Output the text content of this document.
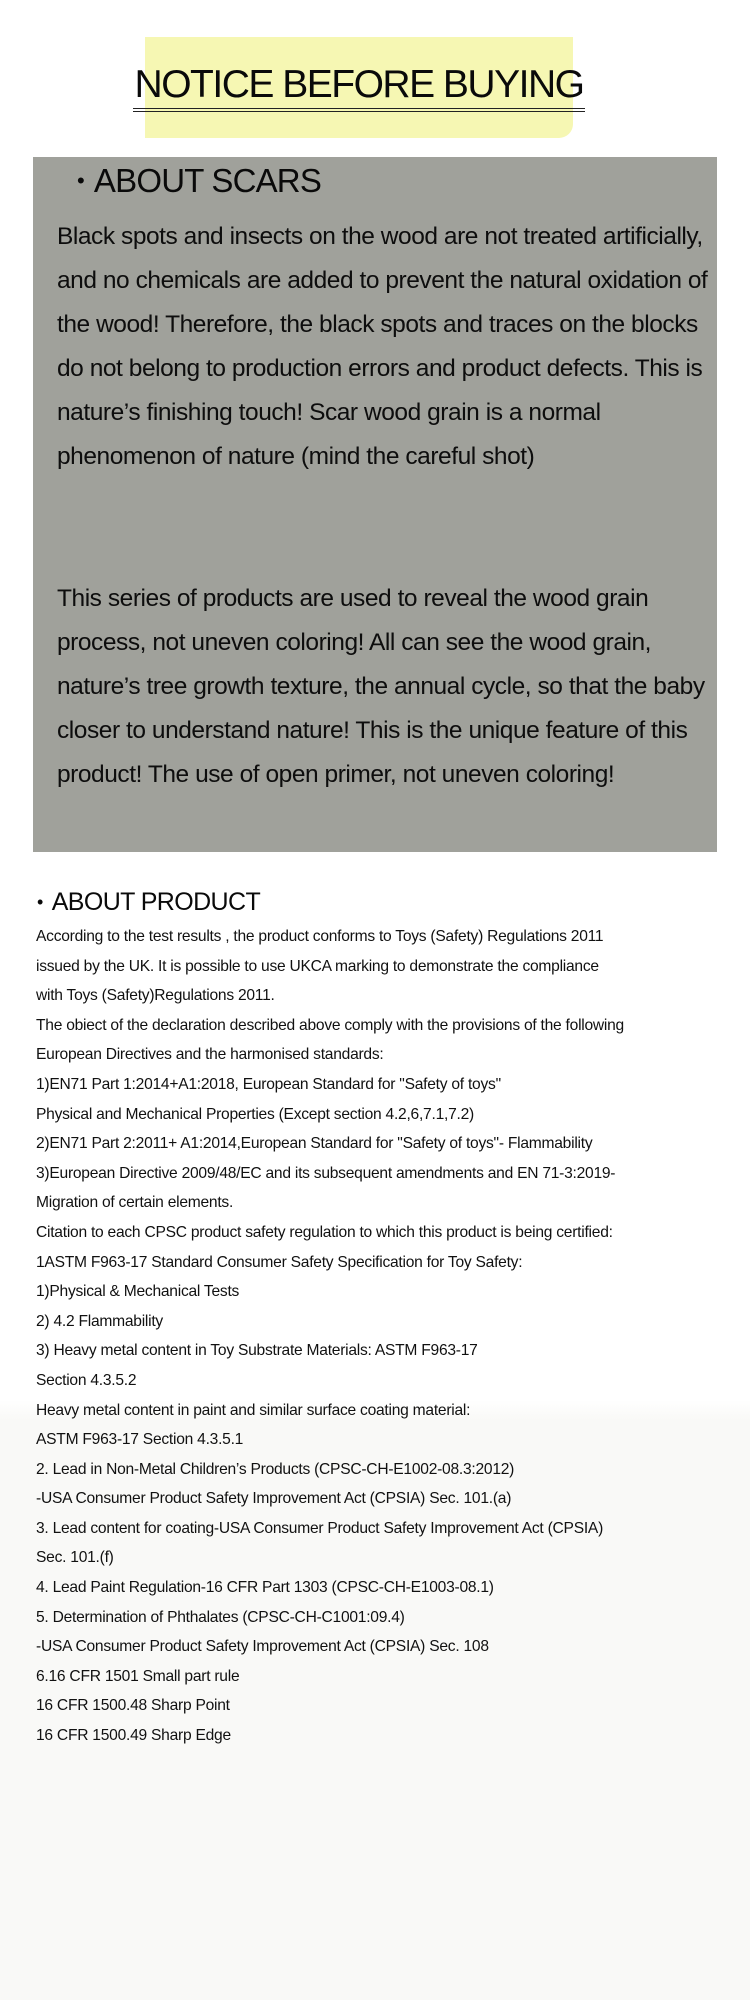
NOTICE BEFORE BUYING
• ABOUT SCARS

Black spots and insects on the wood are not treated artificially, and no chemicals are added to prevent the natural oxidation of the wood! Therefore, the black spots and traces on the blocks do not belong to production errors and product defects. This is nature’s finishing touch! Scar wood grain is a normal phenomenon of nature (mind the careful shot)

This series of products are used to reveal the wood grain process, not uneven coloring! All can see the wood grain, nature’s tree growth texture, the annual cycle, so that the baby closer to understand nature! This is the unique feature of this product! The use of open primer, not uneven coloring!

• ABOUT PRODUCT
According to the test results , the product conforms to Toys (Safety) Regulations 2011
issued by the UK. It is possible to use UKCA marking to demonstrate the compliance
with Toys (Safety)Regulations 2011.
The obiect of the declaration described above comply with the provisions of the following
European Directives and the harmonised standards:
1)EN71 Part 1:2014+A1:2018, European Standard for "Safety of toys"
Physical and Mechanical Properties (Except section 4.2,6,7.1,7.2)
2)EN71 Part 2:2011+ A1:2014,European Standard for "Safety of toys"- Flammability
3)European Directive 2009/48/EC and its subsequent amendments and EN 71-3:2019-
Migration of certain elements.
Citation to each CPSC product safety regulation to which this product is being certified:
1ASTM F963-17 Standard Consumer Safety Specification for Toy Safety:
1)Physical & Mechanical Tests
2) 4.2 Flammability
3) Heavy metal content in Toy Substrate Materials: ASTM F963-17
Section 4.3.5.2
Heavy metal content in paint and similar surface coating material:
ASTM F963-17 Section 4.3.5.1
2. Lead in Non-Metal Children’s Products (CPSC-CH-E1002-08.3:2012)
-USA Consumer Product Safety Improvement Act (CPSIA) Sec. 101.(a)
3. Lead content for coating-USA Consumer Product Safety Improvement Act (CPSIA)
Sec. 101.(f)
4. Lead Paint Regulation-16 CFR Part 1303 (CPSC-CH-E1003-08.1)
5. Determination of Phthalates (CPSC-CH-C1001:09.4)
-USA Consumer Product Safety Improvement Act (CPSIA) Sec. 108
6.16 CFR 1501 Small part rule
16 CFR 1500.48 Sharp Point
16 CFR 1500.49 Sharp Edge
